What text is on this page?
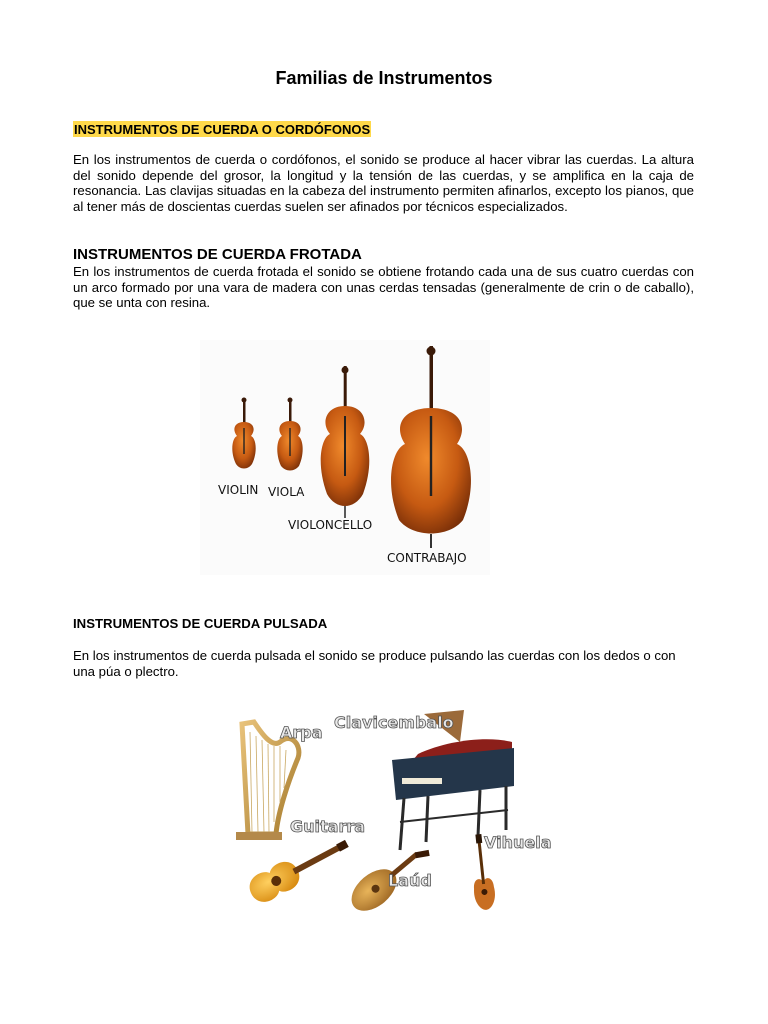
Familias de Instrumentos
INSTRUMENTOS DE CUERDA O CORDÓFONOS
En los instrumentos de cuerda o cordófonos, el sonido se produce al hacer vibrar las cuerdas. La altura del sonido depende del grosor, la longitud y la tensión de las cuerdas, y se amplifica en la caja de resonancia. Las clavijas situadas en la cabeza del instrumento permiten afinarlos, excepto los pianos, que al tener más de doscientas cuerdas suelen ser afinados por técnicos especializados.
INSTRUMENTOS DE CUERDA FROTADA
En los instrumentos de cuerda frotada el sonido se obtiene frotando cada una de sus cuatro cuerdas con un arco formado por una vara de madera con unas cerdas tensadas (generalmente de crin o de caballo), que se unta con resina.
VIOLIN VIOLA
VIOLONCELLO
CONTRABAJO
INSTRUMENTOS DE CUERDA PULSADA
En los instrumentos de cuerda pulsada el sonido se produce pulsando las cuerdas con los dedos o con una púa o plectro.
Arpa
Clavicembalo
Guitarra
Laúd
Vihuela
